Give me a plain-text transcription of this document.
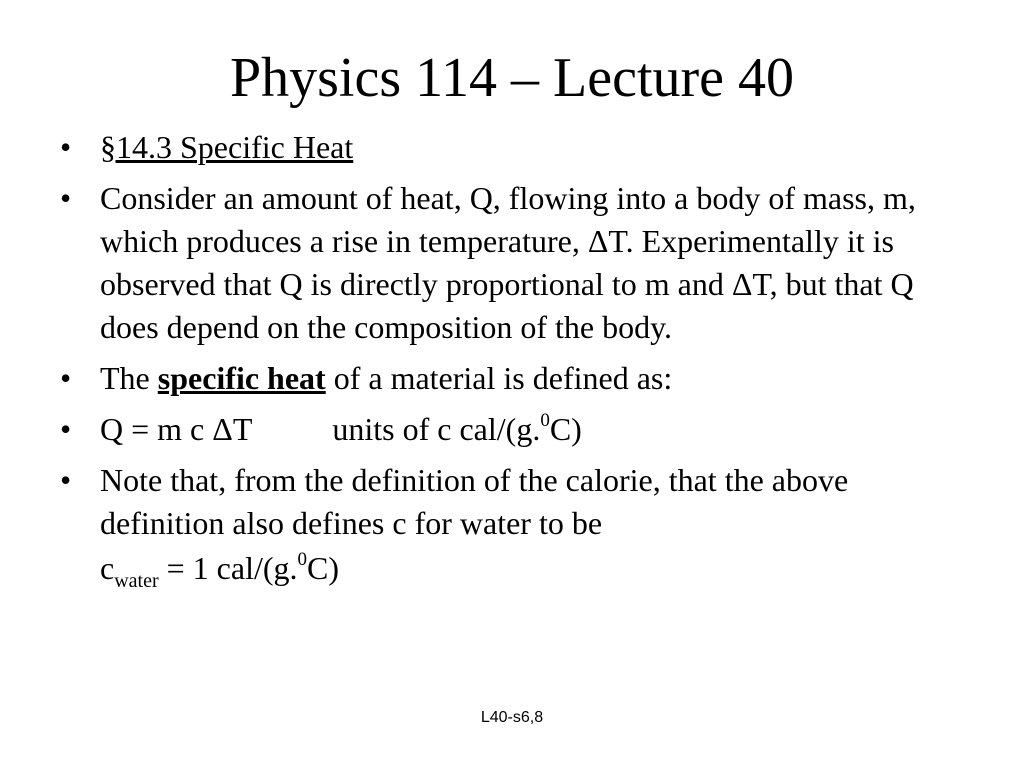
Physics 114 – Lecture 40
• §14.3 Specific Heat
• Consider an amount of heat, Q, flowing into a body of mass, m, which produces a rise in temperature, ΔT. Experimentally it is observed that Q is directly proportional to m and ΔT, but that Q does depend on the composition of the body.
• The specific heat of a material is defined as:
• Q = m c ΔT	units of c cal/(g.$^0$C)
• Note that, from the definition of the calorie, that the above definition also defines c for water to be
$c_{water} = 1$ cal/(g.$^0$C)
L40-s6,8
